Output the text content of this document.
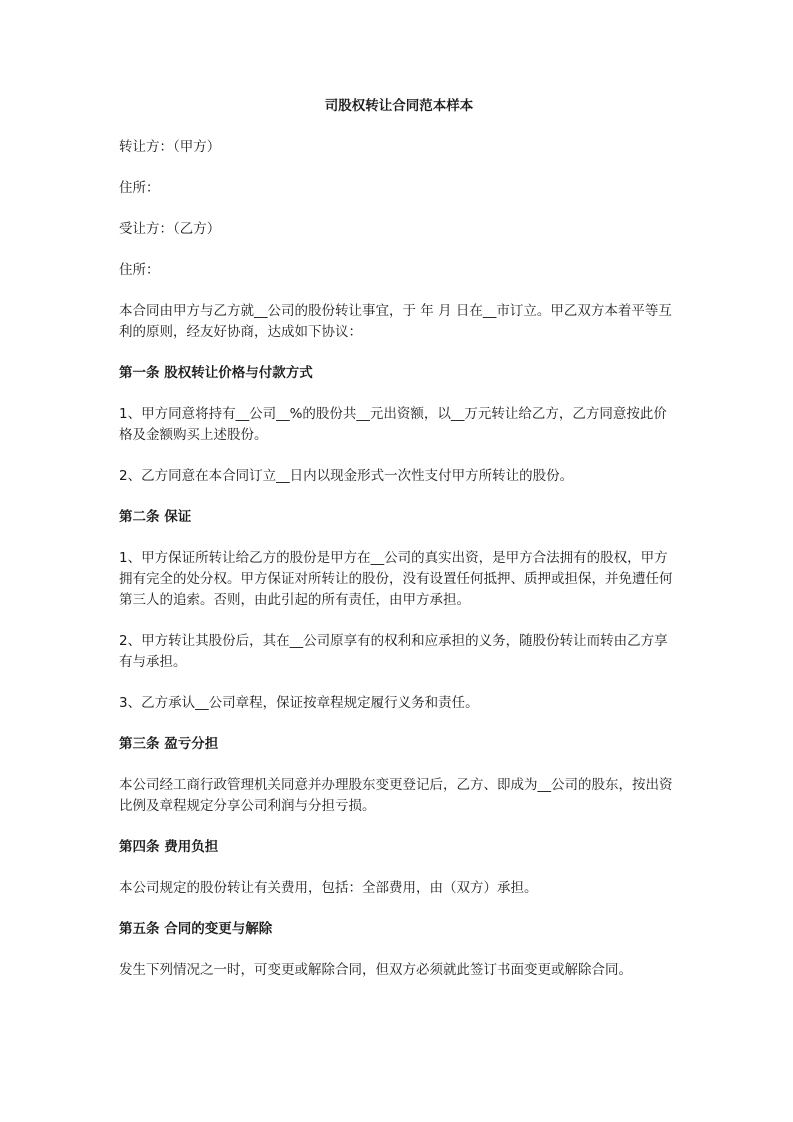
司股权转让合同范本样本
转让方：（甲方）
住所：
受让方：（乙方）
住所：
本合同由甲方与乙方就__公司的股份转让事宜，于 年 月 日在__市订立。甲乙双方本着平等互利的原则，经友好协商，达成如下协议：
第一条 股权转让价格与付款方式
1、甲方同意将持有__公司__%的股份共__元出资额，以__万元转让给乙方，乙方同意按此价格及金额购买上述股份。
2、乙方同意在本合同订立__日内以现金形式一次性支付甲方所转让的股份。
第二条 保证
1、甲方保证所转让给乙方的股份是甲方在__公司的真实出资，是甲方合法拥有的股权，甲方拥有完全的处分权。甲方保证对所转让的股份，没有设置任何抵押、质押或担保，并免遭任何第三人的追索。否则，由此引起的所有责任，由甲方承担。
2、甲方转让其股份后，其在__公司原享有的权利和应承担的义务，随股份转让而转由乙方享有与承担。
3、乙方承认__公司章程，保证按章程规定履行义务和责任。
第三条 盈亏分担
本公司经工商行政管理机关同意并办理股东变更登记后，乙方、即成为__公司的股东，按出资比例及章程规定分享公司利润与分担亏损。
第四条 费用负担
本公司规定的股份转让有关费用，包括：全部费用，由（双方）承担。
第五条 合同的变更与解除
发生下列情况之一时，可变更或解除合同，但双方必须就此签订书面变更或解除合同。
